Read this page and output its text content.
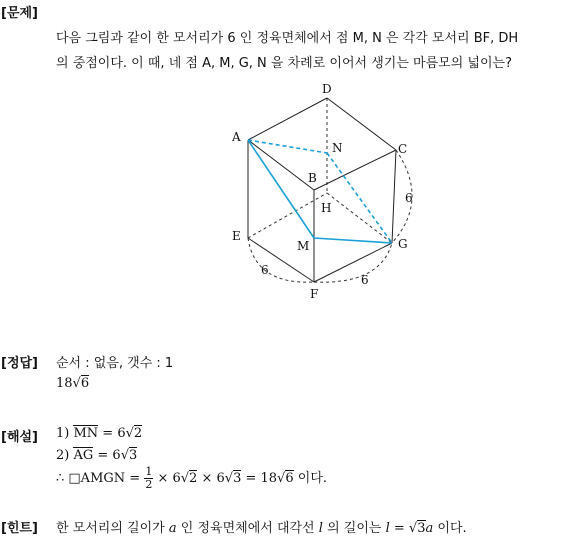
[문제]
다음 그림과 같이 한 모서리가 6 인 정육면체에서 점 M, N 은 각각 모서리 BF, DH
의 중점이다. 이 때, 네 점 A, M, G, N 을 차례로 이어서 생기는 마름모의 넓이는?
D
A
N	C
B
H
E
M	G
F
6
6
6
[정답] 순서 : 없음, 갯수 : 1
18√6
[해설] 1) MN = 6√2
2) AG = 6√3
∴ □AMGN = $\frac{1}{2} \times 6√2 \times 6√3 = 18√6$ 이다.
[힌트] 한 모서리의 길이가 a 인 정육면체에서 대각선 l 의 길이는 l = √3a 이다.
